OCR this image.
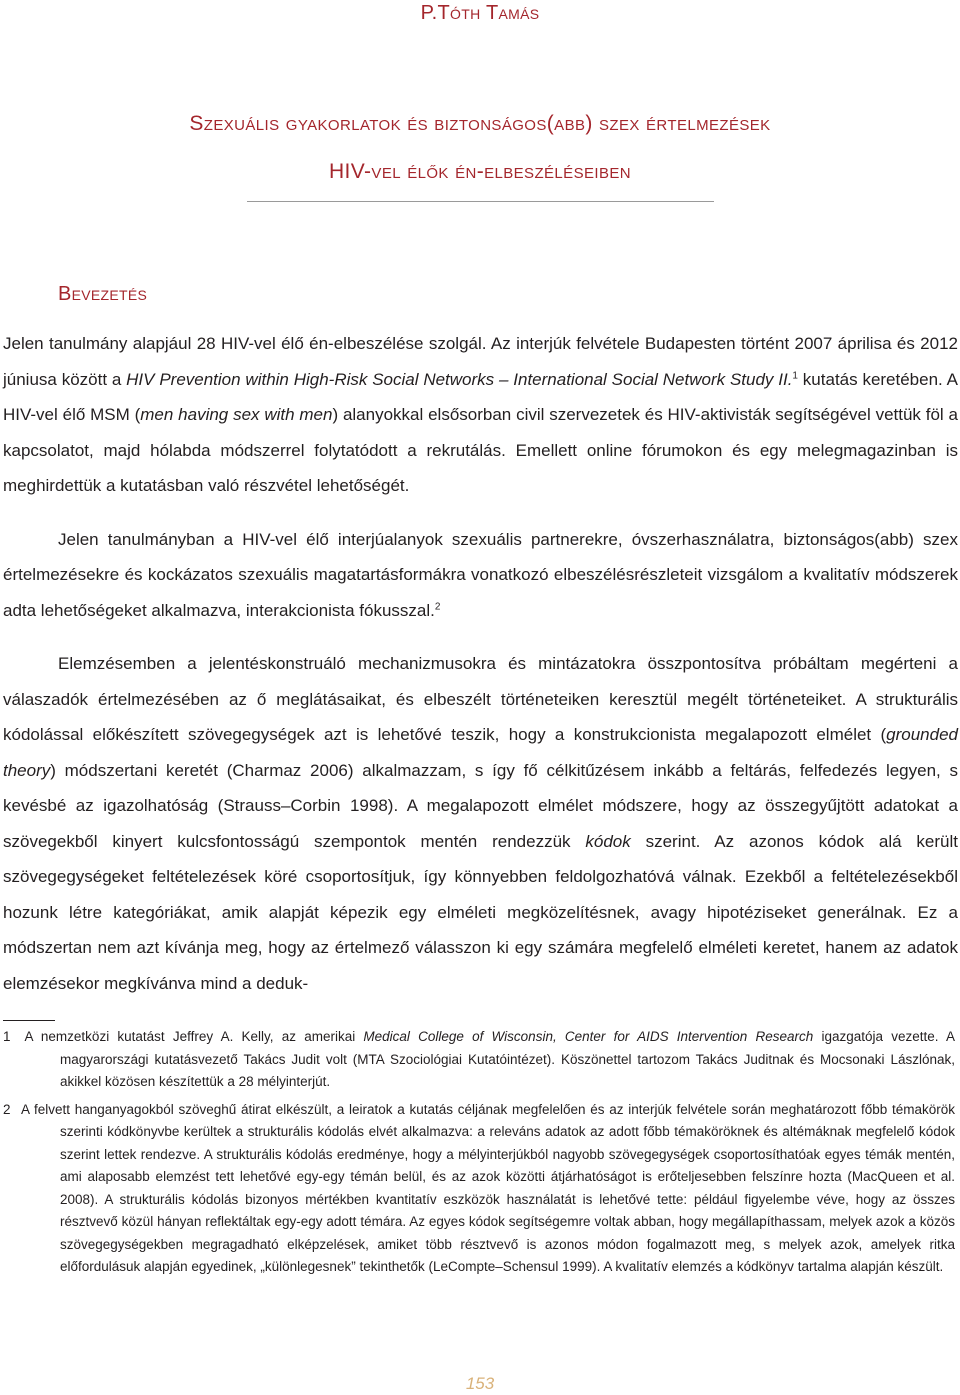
P.Tóth Tamás
Szexuális gyakorlatok és biztonságos(abb) szex értelmezések
HIV-vel élők én-elbeszéléseiben
Bevezetés

Jelen tanulmány alapjául 28 HIV-vel élő én-elbeszélése szolgál. Az interjúk felvétele Budapesten történt 2007 áprilisa és 2012 júniusa között a HIV Prevention within High-Risk Social Networks – International Social Network Study II.$^1$ kutatás keretében. A HIV-vel élő MSM (men having sex with men) alanyokkal elsősorban civil szervezetek és HIV-aktivisták segítségével vettük föl a kapcsolatot, majd hólabda módszerrel folytatódott a rekrutálás. Emellett online fórumokon és egy melegmagazinban is meghirdettük a kutatásban való részvétel lehetőségét.

Jelen tanulmányban a HIV-vel élő interjúalanyok szexuális partnerekre, óvszerhasználatra, biztonságos(abb) szex értelmezésekre és kockázatos szexuális magatartásformákra vonatkozó elbeszélésrészleteit vizsgálom a kvalitatív módszerek adta lehetőségeket alkalmazva, interakcionista fókusszal.$^2$

Elemzésemben a jelentéskonstruáló mechanizmusokra és mintázatokra összpontosítva próbáltam megérteni a válaszadók értelmezésében az ő meglátásaikat, és elbeszélt történeteiken keresztül megélt történeteiket. A strukturális kódolással előkészített szövegegységek azt is lehetővé teszik, hogy a konstrukcionista megalapozott elmélet (grounded theory) módszertani keretét (Charmaz 2006) alkalmazzam, s így fő célkitűzésem inkább a feltárás, felfedezés legyen, s kevésbé az igazolhatóság (Strauss–Corbin 1998). A megalapozott elmélet módszere, hogy az összegyűjtött adatokat a szövegekből kinyert kulcsfontosságú szempontok mentén rendezzük kódok szerint. Az azonos kódok alá került szövegegységeket feltételezések köré csoportosítjuk, így könnyebben feldolgozhatóvá válnak. Ezekből a feltételezésekből hozunk létre kategóriákat, amik alapját képezik egy elméleti megközelítésnek, avagy hipotéziseket generálnak. Ez a módszertan nem azt kívánja meg, hogy az értelmező válasszon ki egy számára megfelelő elméleti keretet, hanem az adatok elemzésekor megkívánva mind a deduk-

1 A nemzetközi kutatást Jeffrey A. Kelly, az amerikai Medical College of Wisconsin, Center for AIDS Intervention Research igazgatója vezette. A magyarországi kutatásvezető Takács Judit volt (MTA Szociológiai Kutatóintézet). Köszönettel tartozom Takács Juditnak és Mocsonaki Lászlónak, akikkel közösen készítettük a 28 mélyinterjút.

2 A felvett hanganyagokból szöveghű átirat elkészült, a leiratok a kutatás céljának megfelelően és az interjúk felvétele során meghatározott főbb témakörök szerinti kódkönyvbe kerültek a strukturális kódolás elvét alkalmazva: a releváns adatok az adott főbb témaköröknek és altémáknak megfelelő kódok szerint lettek rendezve. A strukturális kódolás eredménye, hogy a mélyinterjúkból nagyobb szövegegységek csoportosíthatóak egyes témák mentén, ami alaposabb elemzést tett lehetővé egy-egy témán belül, és az azok közötti átjárhatóságot is erőteljesebben felszínre hozta (MacQueen et al. 2008). A strukturális kódolás bizonyos mértékben kvantitatív eszközök használatát is lehetővé tette: például figyelembe véve, hogy az összes résztvevő közül hányan reflektáltak egy-egy adott témára. Az egyes kódok segítségemre voltak abban, hogy megállapíthassam, melyek azok a közös szövegegységekben megragadható elképzelések, amiket több résztvevő is azonos módon fogalmazott meg, s melyek azok, amelyek ritka előfordulásuk alapján egyedinek, „különlegesnek” tekinthetők (LeCompte–Schensul 1999). A kvalitatív elemzés a kódkönyv tartalma alapján készült.

153
